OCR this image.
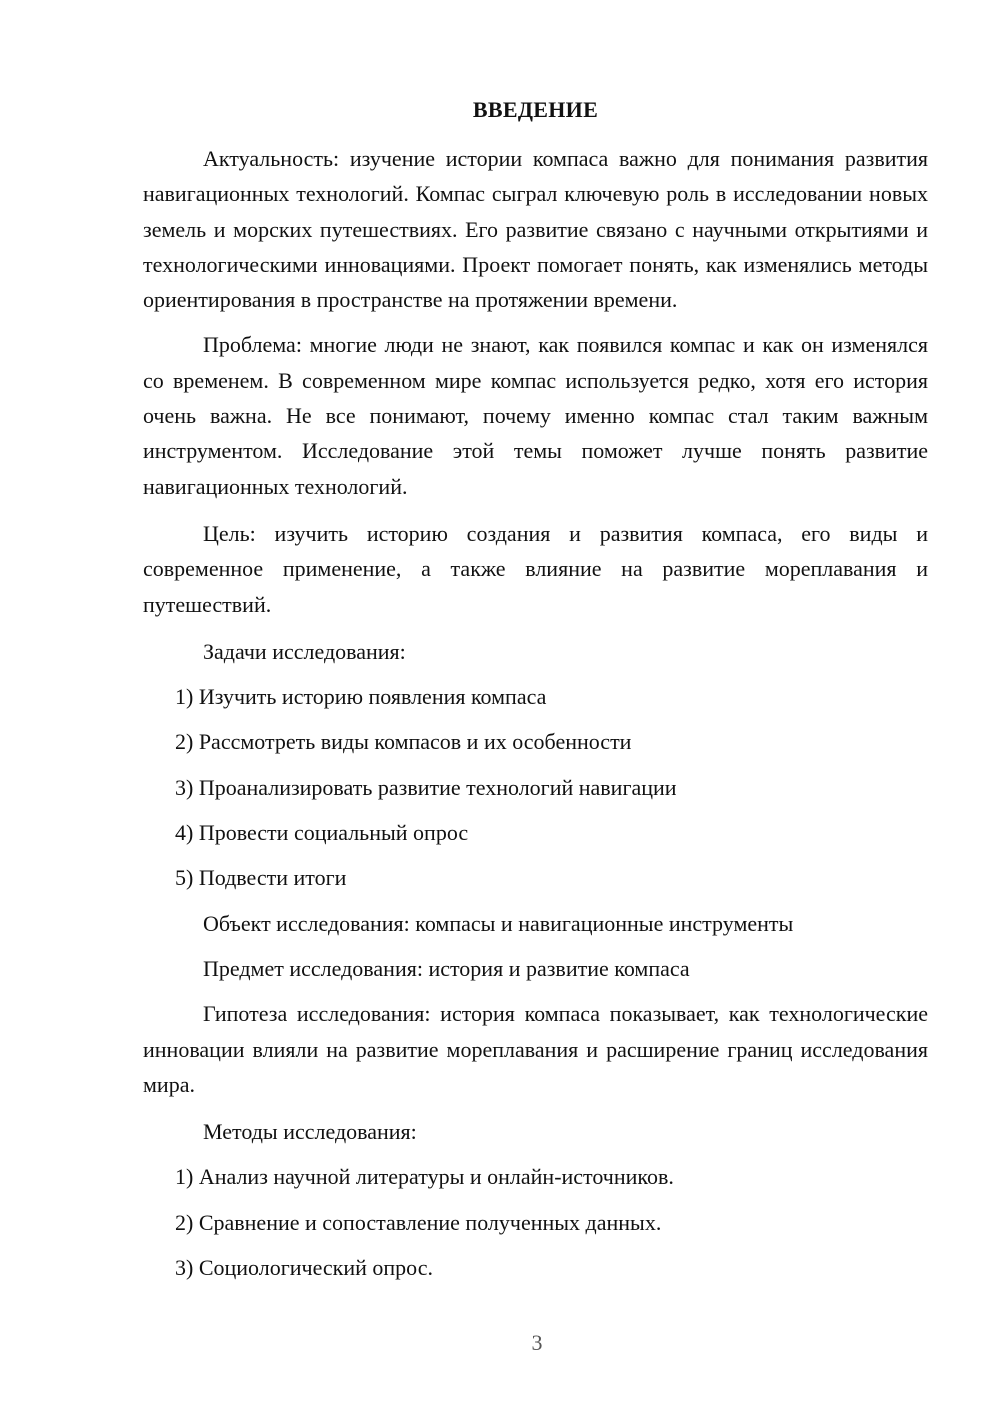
ВВЕДЕНИЕ

Актуальность: изучение истории компаса важно для понимания развития навигационных технологий. Компас сыграл ключевую роль в исследовании новых земель и морских путешествиях. Его развитие связано с научными открытиями и технологическими инновациями. Проект помогает понять, как изменялись методы ориентирования в пространстве на протяжении времени.

Проблема: многие люди не знают, как появился компас и как он изменялся со временем. В современном мире компас используется редко, хотя его история очень важна. Не все понимают, почему именно компас стал таким важным инструментом. Исследование этой темы поможет лучше понять развитие навигационных технологий.

Цель: изучить историю создания и развития компаса, его виды и современное применение, а также влияние на развитие мореплавания и путешествий.

Задачи исследования:
1) Изучить историю появления компаса
2) Рассмотреть виды компасов и их особенности
3) Проанализировать развитие технологий навигации
4) Провести социальный опрос
5) Подвести итоги
Объект исследования: компасы и навигационные инструменты
Предмет исследования: история и развитие компаса

Гипотеза исследования: история компаса показывает, как технологические инновации влияли на развитие мореплавания и расширение границ исследования мира.

Методы исследования:
1) Анализ научной литературы и онлайн-источников.
2) Сравнение и сопоставление полученных данных.
3) Социологический опрос.
3
